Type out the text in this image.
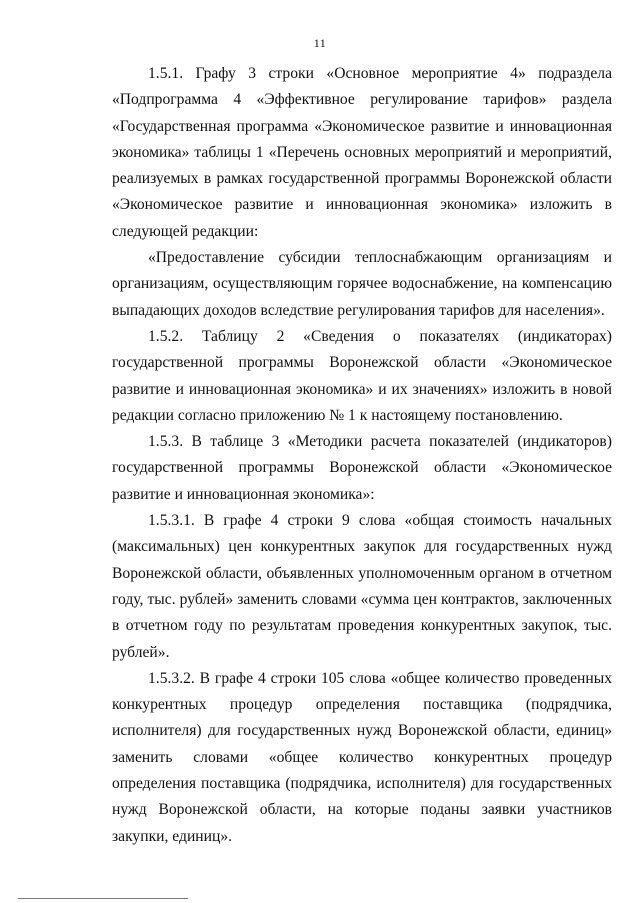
11

1.5.1. Графу 3 строки «Основное мероприятие 4» подраздела «Подпрограмма 4 «Эффективное регулирование тарифов» раздела «Государственная программа «Экономическое развитие и инновационная экономика» таблицы 1 «Перечень основных мероприятий и мероприятий, реализуемых в рамках государственной программы Воронежской области «Экономическое развитие и инновационная экономика» изложить в следующей редакции:

«Предоставление субсидии теплоснабжающим организациям и организациям, осуществляющим горячее водоснабжение, на компенсацию выпадающих доходов вследствие регулирования тарифов для населения».

1.5.2. Таблицу 2 «Сведения о показателях (индикаторах) государственной программы Воронежской области «Экономическое развитие и инновационная экономика» и их значениях» изложить в новой редакции согласно приложению № 1 к настоящему постановлению.

1.5.3. В таблице 3 «Методики расчета показателей (индикаторов) государственной программы Воронежской области «Экономическое развитие и инновационная экономика»:

1.5.3.1. В графе 4 строки 9 слова «общая стоимость начальных (максимальных) цен конкурентных закупок для государственных нужд Воронежской области, объявленных уполномоченным органом в отчетном году, тыс. рублей» заменить словами «сумма цен контрактов, заключенных в отчетном году по результатам проведения конкурентных закупок, тыс. рублей».

1.5.3.2. В графе 4 строки 105 слова «общее количество проведенных конкурентных процедур определения поставщика (подрядчика, исполнителя) для государственных нужд Воронежской области, единиц» заменить словами «общее количество конкурентных процедур определения поставщика (подрядчика, исполнителя) для государственных нужд Воронежской области, на которые поданы заявки участников закупки, единиц».
